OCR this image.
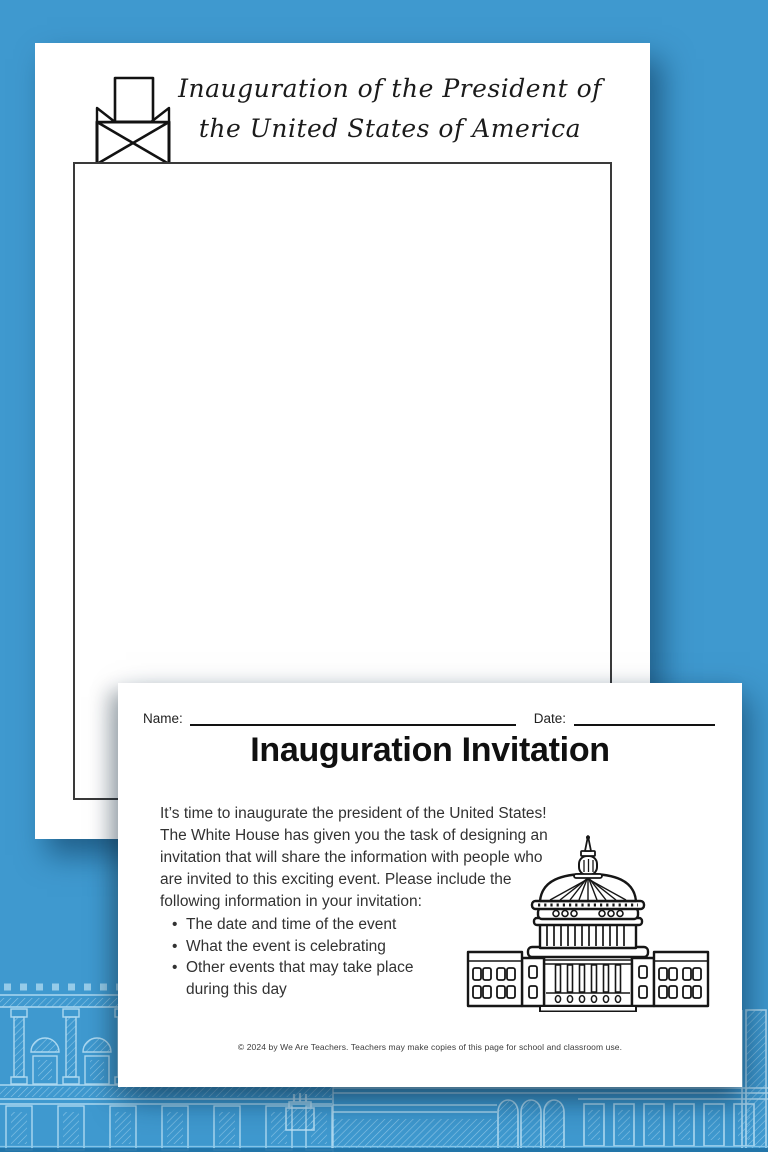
Inauguration of the President of
the United States of America
Name:	Date:
Inauguration Invitation
It’s time to inaugurate the president of the United States!
The White House has given you the task of designing an
invitation that will share the information with people who
are invited to this exciting event. Please include the
following information in your invitation:
• The date and time of the event
• What the event is celebrating
• Other events that may take place
during this day
© 2024 by We Are Teachers. Teachers may make copies of this page for school and classroom use.
